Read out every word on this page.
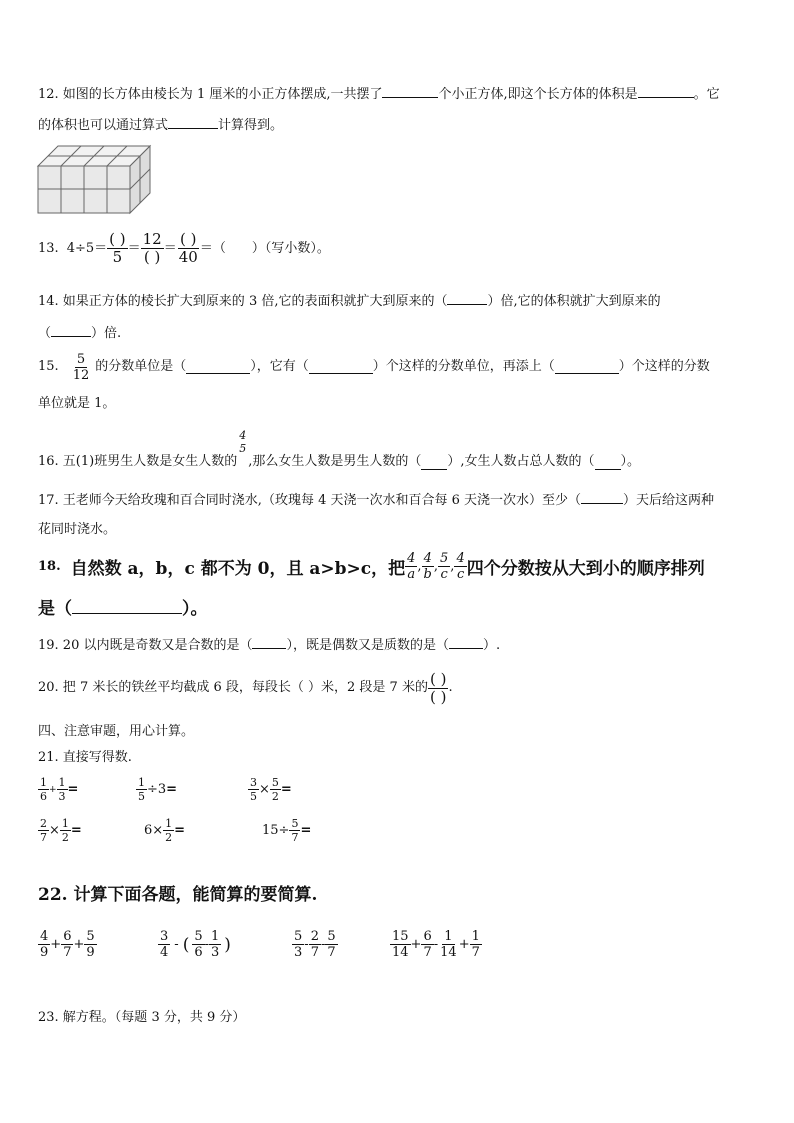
12. 如图的长方体由棱长为 1 厘米的小正方体摆成,一共摆了	个小正方体,即这个长方体的体积是	。它
的体积也可以通过算式	计算得到。
13. $4\div 5= \frac{( )}{5} = \frac{12}{( )} = \frac{( )}{40}$ ＝（　　）（写小数）。
14. 如果正方体的棱长扩大到原来的 3 倍,它的表面积就扩大到原来的（	）倍,它的体积就扩大到原来的
（	）倍.
15. $\frac{5}{12}$ 的分数单位是（	），它有（	）个这样的分数单位，再添上（	）个这样的分数
单位就是 1。
16. 五(1)班男生人数是女生人数的
4
5
,那么女生人数是男生人数的（ ）,女生人数占总人数的（ ）。
17. 王老师今天给玫瑰和百合同时浇水,（玫瑰每 4 天浇一次水和百合每 6 天浇一次水）至少（	）天后给这两种
花同时浇水。
18. 自然数 a，b，c 都不为 0，且 a>b>c，把 $\frac{4}{a}$ , $\frac{4}{b}$ , $\frac{5}{c}$ , $\frac{4}{c}$ 四个分数按从大到小的顺序排列
是（	）。
19. 20 以内既是奇数又是合数的是（	），既是偶数又是质数的是（	）.
20. 把 7 米长的铁丝平均截成 6 段，每段长（ ）米，2 段是 7 米的 $\frac{( )}{( )}$ .
四、注意审题，用心计算。
21. 直接写得数.
$\frac{1}{6} + \frac{1}{3}$ =	$\frac{1}{5} \div 3$ =	$\frac{3}{5} \times \frac{5}{2}$ =
$\frac{2}{7} \times \frac{1}{2}$ =	$6\times \frac{1}{2}$ =	$15\div \frac{5}{7}$ =
22. 计算下面各题，能简算的要简算.
$\frac{4}{9} + \frac{6}{7} + \frac{5}{9}$	$\frac{3}{4}$ - ( $\frac{5}{6} - \frac{1}{3}$ )	$\frac{5}{3} - \frac{2}{7} - \frac{5}{7}$	$\frac{15}{14} + \frac{6}{7} - \frac{1}{14} + \frac{1}{7}$
23. 解方程。（每题 3 分，共 9 分）
